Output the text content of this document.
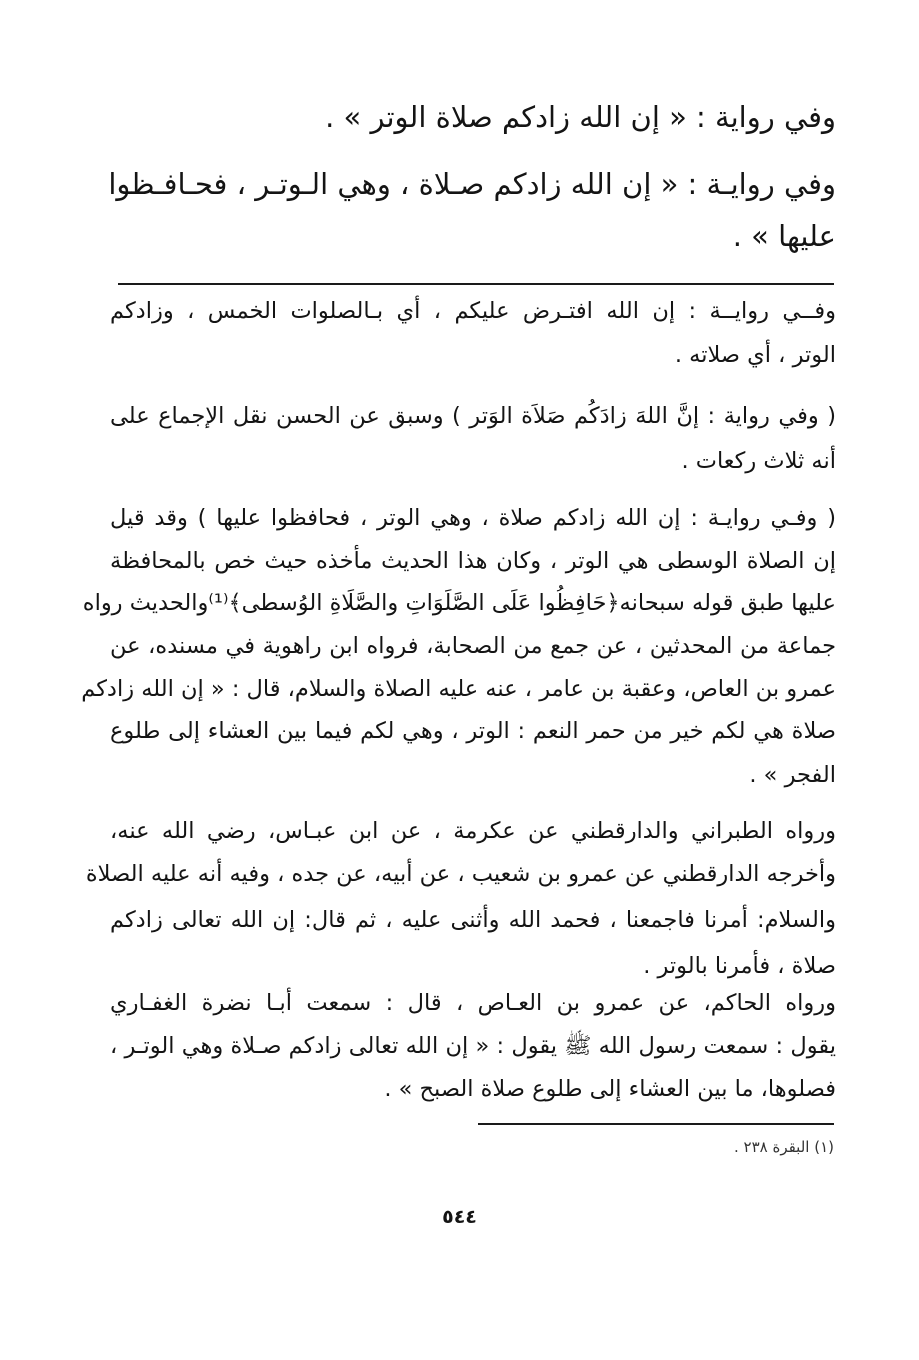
وفي رواية : « إن الله زادكم صلاة الوتر » .
وفي روايـة : « إن الله زادكم صـلاة ، وهي الـوتـر ، فحـافـظوا
عليها » .
وفــي روايــة : إن الله افتـرض عليكم ، أي بـالصلوات الخمس ، وزادكم
الوتر ، أي صلاته .
( وفي رواية : إنَّ اللهَ زادَكُم صَلاَة الوَتر ) وسبق عن الحسن نقل الإجماع على
أنه ثلاث ركعات .
( وفـي روايـة : إن الله زادكم صلاة ، وهي الوتر ، فحافظوا عليها ) وقد قيل
إن الصلاة الوسطى هي الوتر ، وكان هذا الحديث مأخذه حيث خص بالمحافظة
عليها طبق قوله سبحانه﴿حَافِظُوا عَلَى الصَّلَوَاتِ والصَّلَاةِ الوُسطى﴾⁽¹⁾والحديث رواه
جماعة من المحدثين ، عن جمع من الصحابة، فرواه ابن راهوية في مسنده، عن
عمرو بن العاص، وعقبة بن عامر ، عنه عليه الصلاة والسلام، قال : « إن الله زادكم
صلاة هي لكم خير من حمر النعم : الوتر ، وهي لكم فيما بين العشاء إلى طلوع
الفجر » .
ورواه الطبراني والدارقطني عن عكرمة ، عن ابن عبـاس، رضي الله عنه،
وأخرجه الدارقطني عن عمرو بن شعيب ، عن أبيه، عن جده ، وفيه أنه عليه الصلاة
والسلام: أمرنا فاجمعنا ، فحمد الله وأثنى عليه ، ثم قال: إن الله تعالى زادكم
صلاة ، فأمرنا بالوتر .
ورواه الحاكم، عن عمرو بن العـاص ، قال : سمعت أبـا نضرة الغفـاري
يقول : سمعت رسول الله ﷺ يقول : « إن الله تعالى زادكم صـلاة وهي الوتـر ،
فصلوها، ما بين العشاء إلى طلوع صلاة الصبح » .
(١) البقرة ٢٣٨ .
٥٤٤
